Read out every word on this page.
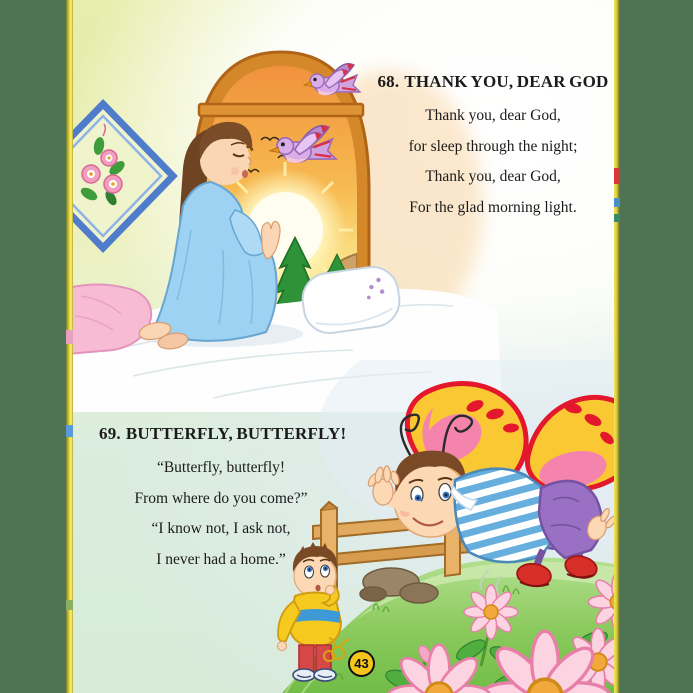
68. THANK YOU, DEAR GOD
Thank you, dear God,
for sleep through the night;
Thank you, dear God,
For the glad morning light.
69. BUTTERFLY, BUTTERFLY!
“Butterfly, butterfly!
From where do you come?”
“I know not, I ask not,
I never had a home.”
43
